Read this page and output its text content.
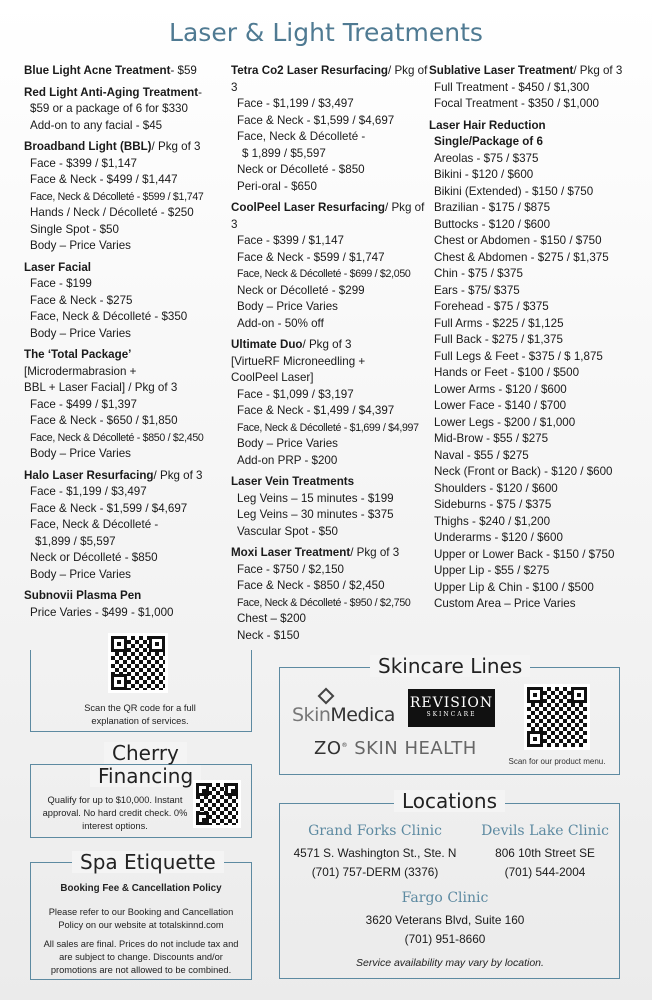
Laser & Light Treatments
Blue Light Acne Treatment- $59
Red Light Anti-Aging Treatment-
$59 or a package of 6 for $330
Add-on to any facial - $45
Broadband Light (BBL)/ Pkg of 3
Face - $399 / $1,147
Face & Neck - $499 / $1,447
Face, Neck & Décolleté - $599 / $1,747
Hands / Neck / Décolleté - $250
Single Spot - $50
Body – Price Varies
Laser Facial
Face - $199
Face & Neck - $275
Face, Neck & Décolleté - $350
Body – Price Varies
The ‘Total Package’
[Microdermabrasion +
BBL + Laser Facial] / Pkg of 3
Face - $499 / $1,397
Face & Neck - $650 / $1,850
Face, Neck & Décolleté - $850 / $2,450
Body – Price Varies
Halo Laser Resurfacing/ Pkg of 3
Face - $1,199 / $3,497
Face & Neck - $1,599 / $4,697
Face, Neck & Décolleté -
$1,899 / $5,597
Neck or Décolleté - $850
Body – Price Varies
Subnovii Plasma Pen
Price Varies - $499 - $1,000
Tetra Co2 Laser Resurfacing/ Pkg of 3
Face - $1,199 / $3,497
Face & Neck - $1,599 / $4,697
Face, Neck & Décolleté -
$ 1,899 / $5,597
Neck or Décolleté - $850
Peri-oral - $650
CoolPeel Laser Resurfacing/ Pkg of 3
Face - $399 / $1,147
Face & Neck - $599 / $1,747
Face, Neck & Décolleté - $699 / $2,050
Neck or Décolleté - $299
Body – Price Varies
Add-on - 50% off
Ultimate Duo/ Pkg of 3
[VirtueRF Microneedling +
CoolPeel Laser]
Face - $1,099 / $3,197
Face & Neck - $1,499 / $4,397
Face, Neck & Décolleté - $1,699 / $4,997
Body – Price Varies
Add-on PRP - $200
Laser Vein Treatments
Leg Veins – 15 minutes - $199
Leg Veins – 30 minutes - $375
Vascular Spot - $50
Moxi Laser Treatment/ Pkg of 3
Face - $750 / $2,150
Face & Neck - $850 / $2,450
Face, Neck & Décolleté - $950 / $2,750
Chest – $200
Neck - $150
Sublative Laser Treatment/ Pkg of 3
Full Treatment - $450 / $1,300
Focal Treatment - $350 / $1,000
Laser Hair Reduction
Single/Package of 6
Areolas - $75 / $375
Bikini - $120 / $600
Bikini (Extended) - $150 / $750
Brazilian - $175 / $875
Buttocks - $120 / $600
Chest or Abdomen - $150 / $750
Chest & Abdomen - $275 / $1,375
Chin - $75 / $375
Ears - $75/ $375
Forehead - $75 / $375
Full Arms - $225 / $1,125
Full Back - $275 / $1,375
Full Legs & Feet - $375 / $ 1,875
Hands or Feet - $100 / $500
Lower Arms - $120 / $600
Lower Face - $140 / $700
Lower Legs - $200 / $1,000
Mid-Brow - $55 / $275
Naval - $55 / $275
Neck (Front or Back) - $120 / $600
Shoulders - $120 / $600
Sideburns - $75 / $375
Thighs - $240 / $1,200
Underarms - $120 / $600
Upper or Lower Back - $150 / $750
Upper Lip - $55 / $275
Upper Lip & Chin - $100 / $500
Custom Area – Price Varies
Scan the QR code for a full explanation of services.
Cherry
Financing
Qualify for up to $10,000. Instant approval. No hard credit check. 0% interest options.
Spa Etiquette
Booking Fee & Cancellation Policy
Please refer to our Booking and Cancellation Policy on our website at totalskinnd.com
All sales are final. Prices do not include tax and are subject to change. Discounts and/or promotions are not allowed to be combined.
Skincare Lines
SkinMedica
REVISION
SKINCARE
ZO® SKIN HEALTH
Scan for our product menu.
Locations
Grand Forks Clinic
4571 S. Washington St., Ste. N
(701) 757-DERM (3376)
Devils Lake Clinic
806 10th Street SE
(701) 544-2004
Fargo Clinic
3620 Veterans Blvd, Suite 160
(701) 951-8660
Service availability may vary by location.
